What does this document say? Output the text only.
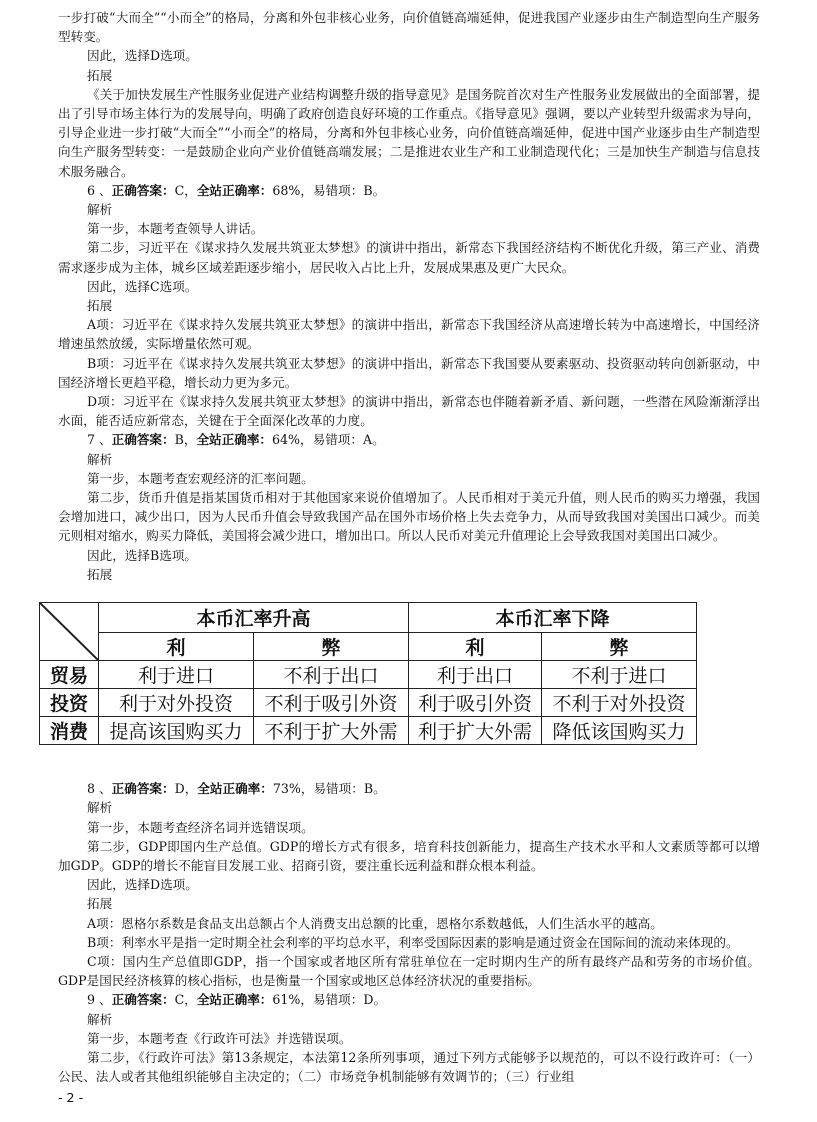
一步打破“大而全”“小而全”的格局，分离和外包非核心业务，向价值链高端延伸，促进我国产业逐步由生产制造型向生产服务型转变。

因此，选择D选项。

拓展

《关于加快发展生产性服务业促进产业结构调整升级的指导意见》是国务院首次对生产性服务业发展做出的全面部署，提出了引导市场主体行为的发展导向，明确了政府创造良好环境的工作重点。《指导意见》强调，要以产业转型升级需求为导向，引导企业进一步打破“大而全”“小而全”的格局，分离和外包非核心业务，向价值链高端延伸，促进中国产业逐步由生产制造型向生产服务型转变：一是鼓励企业向产业价值链高端发展；二是推进农业生产和工业制造现代化；三是加快生产制造与信息技术服务融合。

6 、正确答案：C，全站正确率：68%，易错项：B。

解析

第一步，本题考查领导人讲话。

第二步，习近平在《谋求持久发展共筑亚太梦想》的演讲中指出，新常态下我国经济结构不断优化升级，第三产业、消费需求逐步成为主体，城乡区域差距逐步缩小，居民收入占比上升，发展成果惠及更广大民众。

因此，选择C选项。

拓展

A项：习近平在《谋求持久发展共筑亚太梦想》的演讲中指出，新常态下我国经济从高速增长转为中高速增长，中国经济增速虽然放缓，实际增量依然可观。

B项：习近平在《谋求持久发展共筑亚太梦想》的演讲中指出，新常态下我国要从要素驱动、投资驱动转向创新驱动，中国经济增长更趋平稳，增长动力更为多元。

D项：习近平在《谋求持久发展共筑亚太梦想》的演讲中指出，新常态也伴随着新矛盾、新问题，一些潜在风险渐渐浮出水面，能否适应新常态，关键在于全面深化改革的力度。

7 、正确答案：B，全站正确率：64%，易错项：A。

解析

第一步，本题考查宏观经济的汇率问题。

第二步，货币升值是指某国货币相对于其他国家来说价值增加了。人民币相对于美元升值，则人民币的购买力增强，我国会增加进口，减少出口，因为人民币升值会导致我国产品在国外市场价格上失去竞争力，从而导致我国对美国出口减少。而美元则相对缩水，购买力降低，美国将会减少进口，增加出口。所以人民币对美元升值理论上会导致我国对美国出口减少。

因此，选择B选项。

拓展

8 、正确答案：D，全站正确率：73%，易错项：B。

解析

第一步，本题考查经济名词并选错误项。

第二步，GDP即国内生产总值。GDP的增长方式有很多，培育科技创新能力，提高生产技术水平和人文素质等都可以增加GDP。GDP的增长不能盲目发展工业、招商引资，要注重长远利益和群众根本利益。

因此，选择D选项。

拓展

A项：恩格尔系数是食品支出总额占个人消费支出总额的比重，恩格尔系数越低，人们生活水平的越高。

B项：利率水平是指一定时期全社会利率的平均总水平，利率受国际因素的影响是通过资金在国际间的流动来体现的。

C项：国内生产总值即GDP，指一个国家或者地区所有常驻单位在一定时期内生产的所有最终产品和劳务的市场价值。GDP是国民经济核算的核心指标，也是衡量一个国家或地区总体经济状况的重要指标。

9 、正确答案：C，全站正确率：61%，易错项：D。

解析

第一步，本题考查《行政许可法》并选错误项。

第二步，《行政许可法》第13条规定，本法第12条所列事项，通过下列方式能够予以规范的，可以不设行政许可：（一）公民、法人或者其他组织能够自主决定的；（二）市场竞争机制能够有效调节的；（三）行业组

	本币汇率升高		本币汇率下降	
	利	弊	利	弊
贸易	利于进口	不利于出口	利于出口	不利于进口
投资	利于对外投资	不利于吸引外资	利于吸引外资	不利于对外投资
消费	提高该国购买力	不利于扩大外需	利于扩大外需	降低该国购买力
- 2 -
